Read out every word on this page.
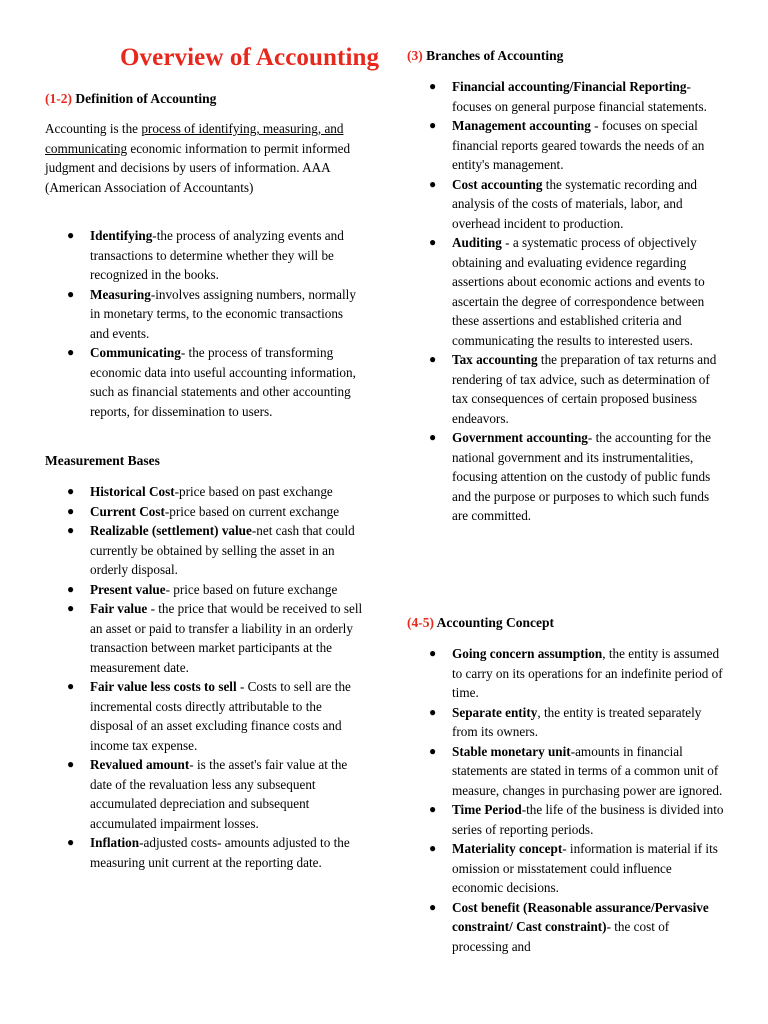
Overview of Accounting
(1-2) Definition of Accounting

Accounting is the process of identifying, measuring, and communicating economic information to permit informed judgment and decisions by users of information. AAA (American Association of Accountants)

● Identifying-the process of analyzing events and transactions to determine whether they will be recognized in the books.
● Measuring-involves assigning numbers, normally in monetary terms, to the economic transactions and events.
● Communicating- the process of transforming economic data into useful accounting information, such as financial statements and other accounting reports, for dissemination to users.
Measurement Bases
● Historical Cost-price based on past exchange
● Current Cost-price based on current exchange
● Realizable (settlement) value-net cash that could currently be obtained by selling the asset in an orderly disposal.
● Present value- price based on future exchange
● Fair value - the price that would be received to sell an asset or paid to transfer a liability in an orderly transaction between market participants at the measurement date.
● Fair value less costs to sell - Costs to sell are the incremental costs directly attributable to the disposal of an asset excluding finance costs and income tax expense.
● Revalued amount- is the asset's fair value at the date of the revaluation less any subsequent accumulated depreciation and subsequent accumulated impairment losses.
● Inflation-adjusted costs- amounts adjusted to the measuring unit current at the reporting date.
(3) Branches of Accounting
● Financial accounting/Financial Reporting-focuses on general purpose financial statements.
● Management accounting - focuses on special financial reports geared towards the needs of an entity's management.
● Cost accounting the systematic recording and analysis of the costs of materials, labor, and overhead incident to production.
● Auditing - a systematic process of objectively obtaining and evaluating evidence regarding assertions about economic actions and events to ascertain the degree of correspondence between these assertions and established criteria and communicating the results to interested users.
● Tax accounting the preparation of tax returns and rendering of tax advice, such as determination of tax consequences of certain proposed business endeavors.
● Government accounting- the accounting for the national government and its instrumentalities, focusing attention on the custody of public funds and the purpose or purposes to which such funds are committed.
(4-5) Accounting Concept
● Going concern assumption, the entity is assumed to carry on its operations for an indefinite period of time.
● Separate entity, the entity is treated separately from its owners.
● Stable monetary unit-amounts in financial statements are stated in terms of a common unit of measure, changes in purchasing power are ignored.
● Time Period-the life of the business is divided into series of reporting periods.
● Materiality concept- information is material if its omission or misstatement could influence economic decisions.
● Cost benefit (Reasonable assurance/Pervasive constraint/ Cast constraint)- the cost of processing and
